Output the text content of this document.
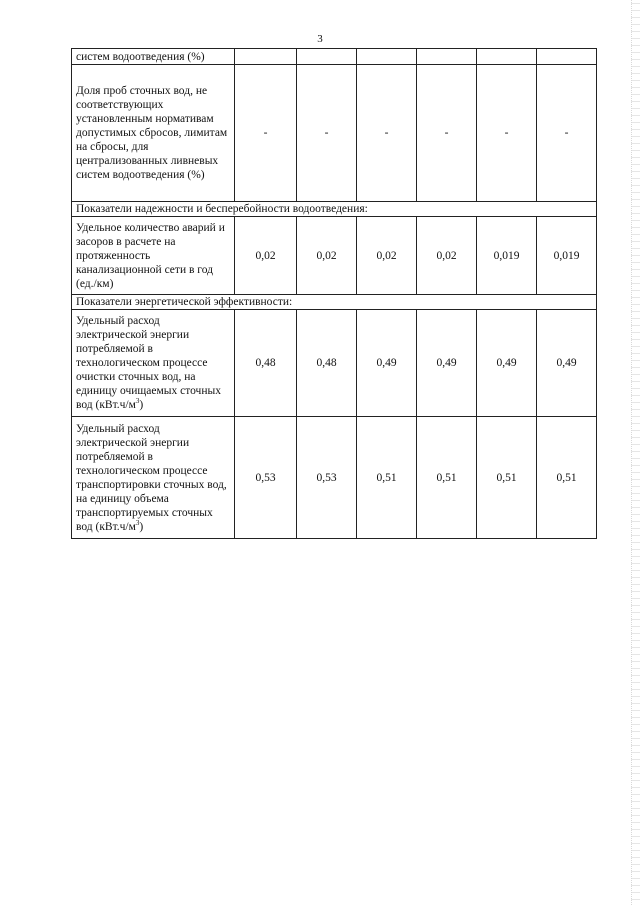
3
систем водоотведения (%)						
Доля проб сточных вод, не соответствующих установленным нормативам допустимых сбросов, лимитам на сбросы, для централизованных ливневых систем водоотведения (%)	-	-	-	-	-	-
Показатели надежности и бесперебойности водоотведения:						
Удельное количество аварий и засоров в расчете на протяженность канализационной сети в год (ед./км)	0,02	0,02	0,02	0,02	0,019	0,019
Показатели энергетической эффективности:						
Удельный расход электрической энергии потребляемой в технологическом процессе очистки сточных вод, на единицу очищаемых сточных вод $(кВт.ч/м^3)$	0,48	0,48	0,49	0,49	0,49	0,49
Удельный расход электрической энергии потребляемой в технологическом процессе транспортировки сточных вод, на единицу объема транспортируемых сточных вод $(кВт.ч/м^3)$	0,53	0,53	0,51	0,51	0,51	0,51
